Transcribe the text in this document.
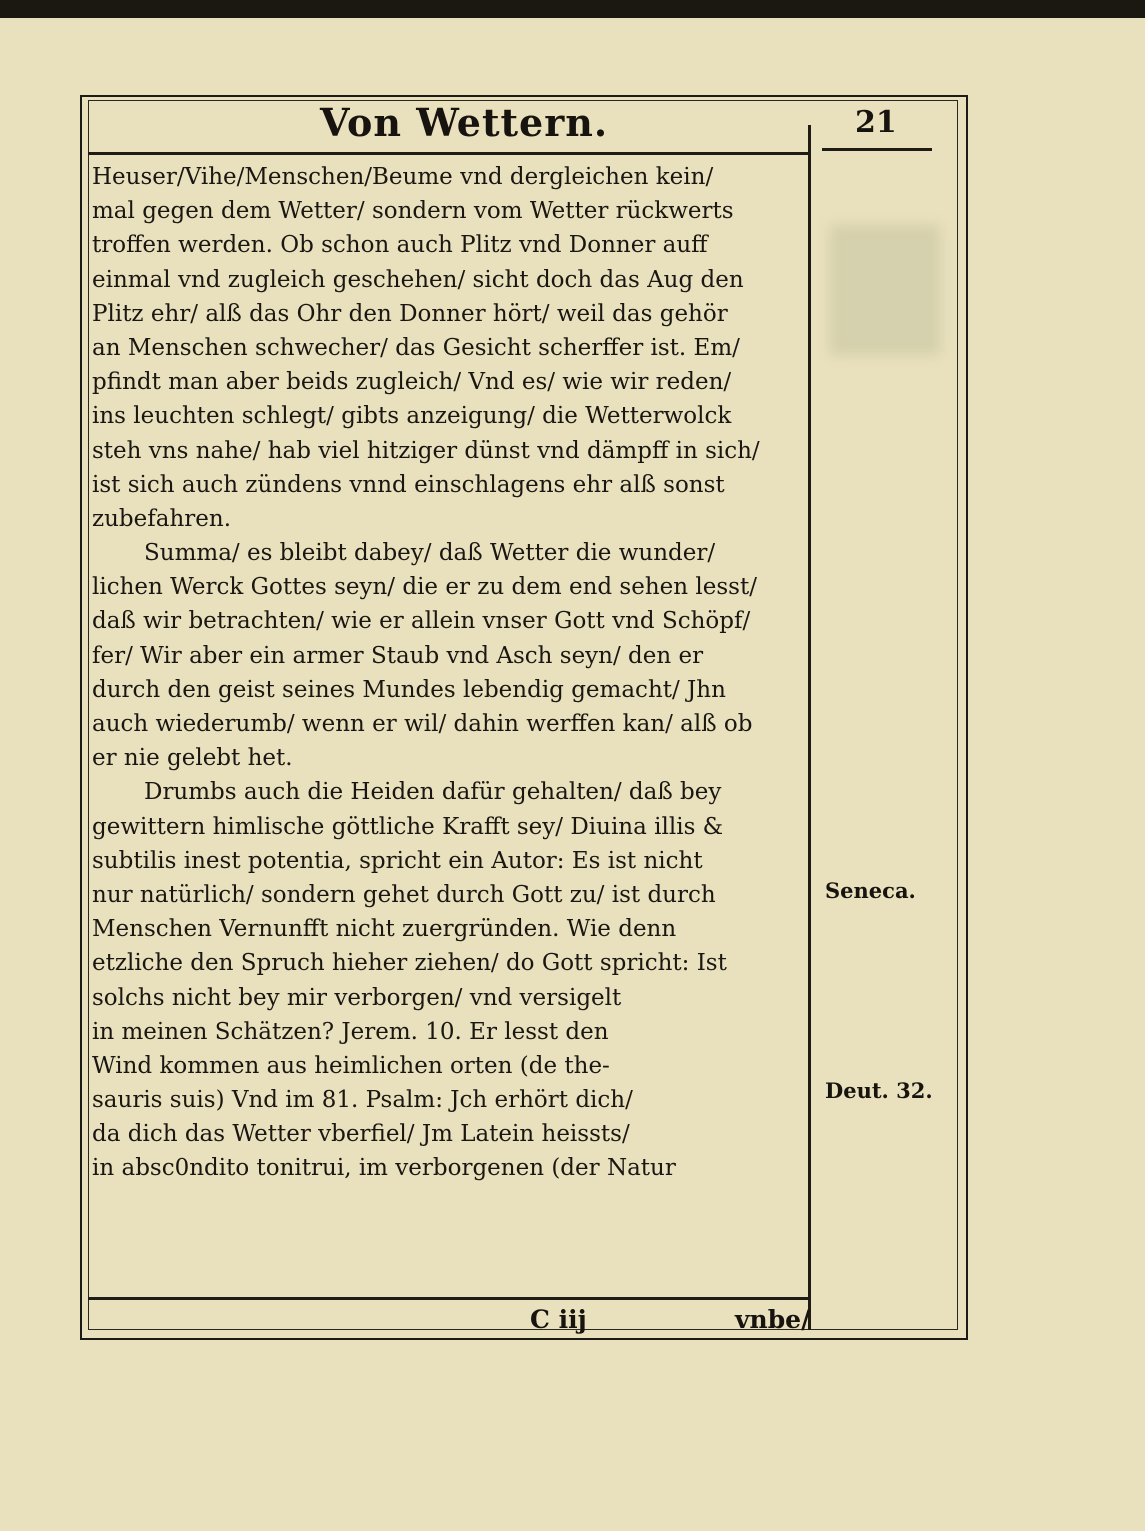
Von Wettern.	21
Heuser/Vihe/Menschen/Beume vnd dergleichen kein/
mal gegen dem Wetter/ sondern vom Wetter rückwerts
troffen werden. Ob schon auch Plitz vnd Donner auff
einmal vnd zugleich geschehen/ sicht doch das Aug den
Plitz ehr/ alß das Ohr den Donner hört/ weil das gehör
an Menschen schwecher/ das Gesicht scherffer ist. Em/
pfindt man aber beids zugleich/ Vnd es/ wie wir reden/
ins leuchten schlegt/ gibts anzeigung/ die Wetterwolck
steh vns nahe/ hab viel hitziger dünst vnd dämpff in sich/
ist sich auch zündens vnnd einschlagens ehr alß sonst
zubefahren.
Summa/ es bleibt dabey/ daß Wetter die wunder/
lichen Werck Gottes seyn/ die er zu dem end sehen lesst/
daß wir betrachten/ wie er allein vnser Gott vnd Schöpf/
fer/ Wir aber ein armer Staub vnd Asch seyn/ den er
durch den geist seines Mundes lebendig gemacht/ Jhn
auch wiederumb/ wenn er wil/ dahin werffen kan/ alß ob
er nie gelebt het.
Drumbs auch die Heiden dafür gehalten/ daß bey
gewittern himlische göttliche Krafft sey/ Diuina illis &
subtilis inest potentia, spricht ein Autor: Es ist nicht
nur natürlich/ sondern gehet durch Gott zu/ ist durch
Menschen Vernunfft nicht zuergründen. Wie denn
etzliche den Spruch hieher ziehen/ do Gott spricht: Ist
solchs nicht bey mir verborgen/ vnd versigelt
in meinen Schätzen? Jerem. 10. Er lesst den
Wind kommen aus heimlichen orten (de the-
sauris suis) Vnd im 81. Psalm: Jch erhört dich/
da dich das Wetter vberfiel/ Jm Latein heissts/
in absc0ndito tonitrui, im verborgenen (der Natur
Seneca.
Deut. 32.
C iij	vnbe/
